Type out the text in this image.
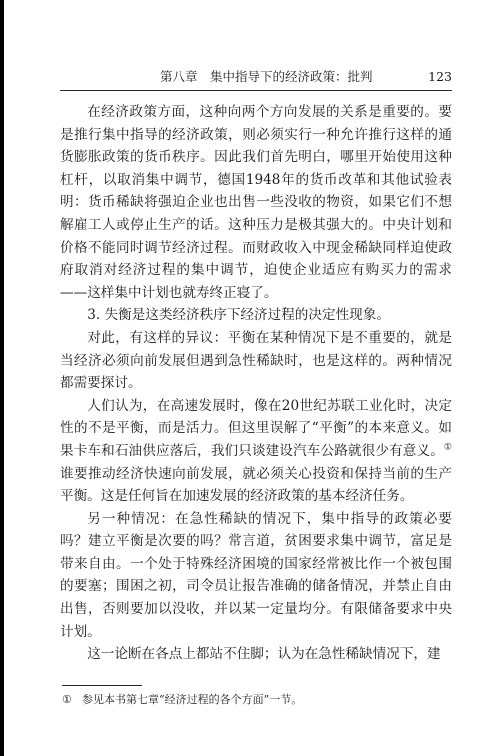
第八章　集中指导下的经济政策：批判	123

在经济政策方面，这种向两个方向发展的关系是重要的。要是推行集中指导的经济政策，则必须实行一种允许推行这样的通货膨胀政策的货币秩序。因此我们首先明白，哪里开始使用这种杠杆，以取消集中调节，德国1948年的货币改革和其他试验表明：货币稀缺将强迫企业也出售一些没收的物资，如果它们不想解雇工人或停止生产的话。这种压力是极其强大的。中央计划和价格不能同时调节经济过程。而财政收入中现金稀缺同样迫使政府取消对经济过程的集中调节，迫使企业适应有购买力的需求——这样集中计划也就寿终正寝了。

3. 失衡是这类经济秩序下经济过程的决定性现象。

对此，有这样的异议：平衡在某种情况下是不重要的，就是当经济必须向前发展但遇到急性稀缺时，也是这样的。两种情况都需要探讨。

人们认为，在高速发展时，像在20世纪苏联工业化时，决定性的不是平衡，而是活力。但这里误解了“平衡”的本来意义。如果卡车和石油供应落后，我们只谈建设汽车公路就很少有意义。①谁要推动经济快速向前发展，就必须关心投资和保持当前的生产平衡。这是任何旨在加速发展的经济政策的基本经济任务。

另一种情况：在急性稀缺的情况下，集中指导的政策必要吗？建立平衡是次要的吗？常言道，贫困要求集中调节，富足是带来自由。一个处于特殊经济困境的国家经常被比作一个被包围的要塞；围困之初，司令员让报告准确的储备情况，并禁止自由出售，否则要加以没收，并以某一定量均分。有限储备要求中央计划。

这一论断在各点上都站不住脚；认为在急性稀缺情况下，建

① 参见本书第七章“经济过程的各个方面”一节。
